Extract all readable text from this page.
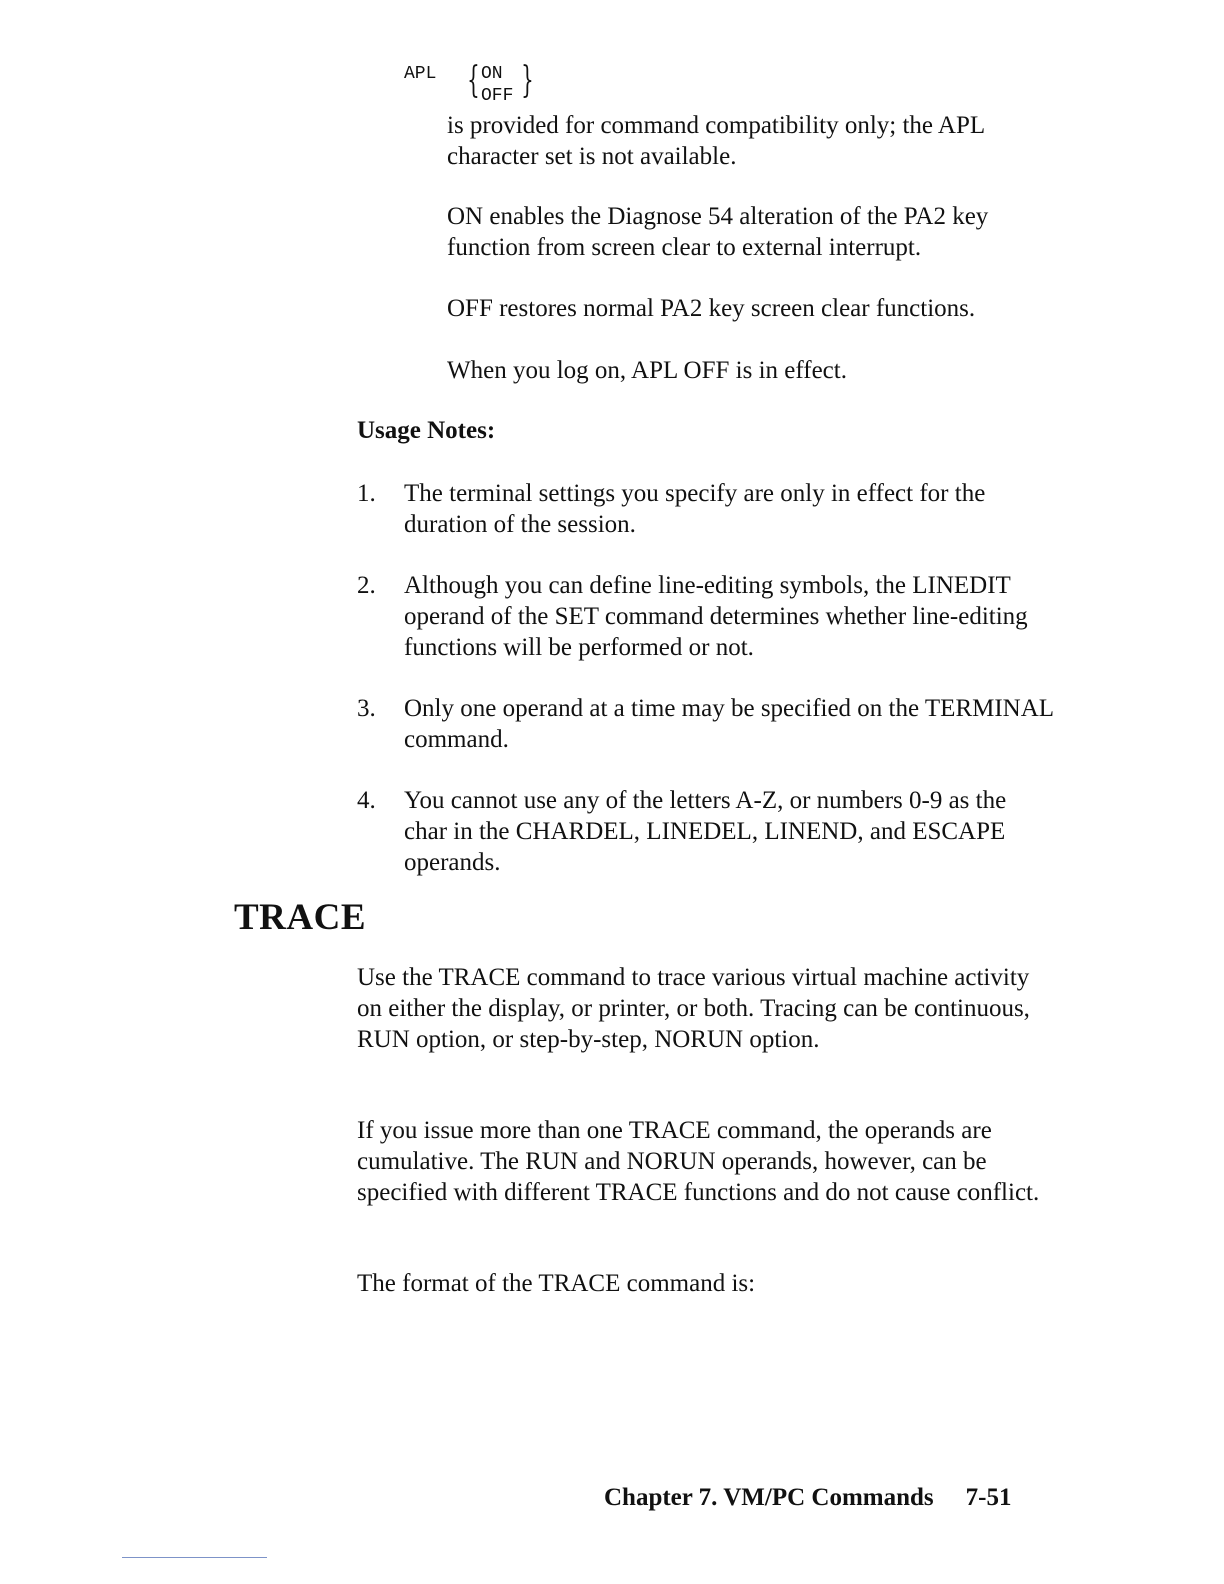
APL { ON
OFF }

is provided for command compatibility only; the APL character set is not available.

ON enables the Diagnose 54 alteration of the PA2 key function from screen clear to external interrupt.

OFF restores normal PA2 key screen clear functions.

When you log on, APL OFF is in effect.

Usage Notes:

1. The terminal settings you specify are only in effect for the duration of the session.
2. Although you can define line-editing symbols, the LINEDIT operand of the SET command determines whether line-editing functions will be performed or not.
3. Only one operand at a time may be specified on the TERMINAL command.
4. You cannot use any of the letters A-Z, or numbers 0-9 as the char in the CHARDEL, LINEDEL, LINEND, and ESCAPE operands.
TRACE

Use the TRACE command to trace various virtual machine activity on either the display, or printer, or both. Tracing can be continuous, RUN option, or step-by-step, NORUN option.

If you issue more than one TRACE command, the operands are cumulative. The RUN and NORUN operands, however, can be specified with different TRACE functions and do not cause conflict.

The format of the TRACE command is:

Chapter 7. VM/PC Commands 7-51
